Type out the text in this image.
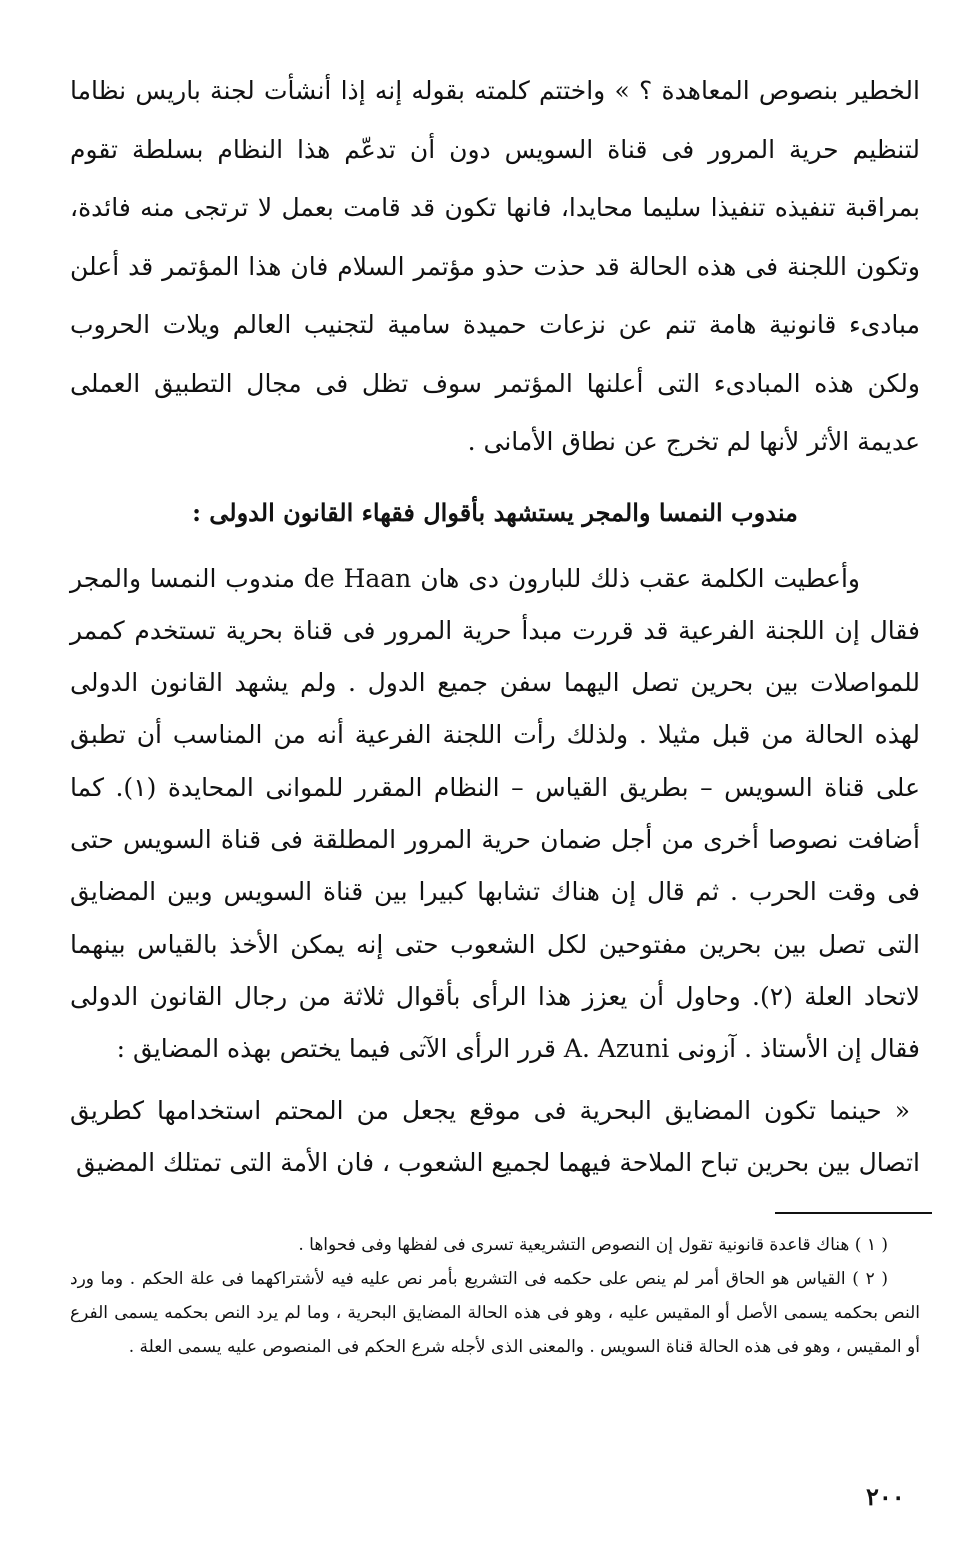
الخطير بنصوص المعاهدة ؟ » واختتم كلمته بقوله إنه إذا أنشأت لجنة باريس نظاما لتنظيم حرية المرور فى قناة السويس دون أن تدعّم هذا النظام بسلطة تقوم بمراقبة تنفيذه تنفيذا سليما محايدا، فانها تكون قد قامت بعمل لا ترتجى منه فائدة، وتكون اللجنة فى هذه الحالة قد حذت حذو مؤتمر السلام فان هذا المؤتمر قد أعلن مبادىء قانونية هامة تنم عن نزعات حميدة سامية لتجنيب العالم ويلات الحروب ولكن هذه المبادىء التى أعلنها المؤتمر سوف تظل فى مجال التطبيق العملى عديمة الأثر لأنها لم تخرج عن نطاق الأمانى .

مندوب النمسا والمجر يستشهد بأقوال فقهاء القانون الدولى :

وأعطيت الكلمة عقب ذلك للبارون دى هان de Haan مندوب النمسا والمجر فقال إن اللجنة الفرعية قد قررت مبدأ حرية المرور فى قناة بحرية تستخدم كممر للمواصلات بين بحرين تصل اليهما سفن جميع الدول . ولم يشهد القانون الدولى لهذه الحالة من قبل مثيلا . ولذلك رأت اللجنة الفرعية أنه من المناسب أن تطبق على قناة السويس – بطريق القياس – النظام المقرر للموانى المحايدة (١). كما أضافت نصوصا أخرى من أجل ضمان حرية المرور المطلقة فى قناة السويس حتى فى وقت الحرب . ثم قال إن هناك تشابها كبيرا بين قناة السويس وبين المضايق التى تصل بين بحرين مفتوحين لكل الشعوب حتى إنه يمكن الأخذ بالقياس بينهما لاتحاد العلة (٢). وحاول أن يعزز هذا الرأى بأقوال ثلاثة من رجال القانون الدولى فقال إن الأستاذ . آزونى A. Azuni قرر الرأى الآتى فيما يختص بهذه المضايق :

« حينما تكون المضايق البحرية فى موقع يجعل من المحتم استخدامها كطريق اتصال بين بحرين تباح الملاحة فيهما لجميع الشعوب ، فان الأمة التى تمتلك المضيق

( ١ ) هناك قاعدة قانونية تقول إن النصوص التشريعية تسرى فى لفظها وفى فحواها .
( ٢ ) القياس هو الحاق أمر لم ينص على حكمه فى التشريع بأمر نص عليه فيه لأشتراكهما فى علة الحكم . وما ورد النص بحكمه يسمى الأصل أو المقيس عليه ، وهو فى هذه الحالة المضايق البحرية ، وما لم يرد النص بحكمه يسمى الفرع أو المقيس ، وهو فى هذه الحالة قناة السويس . والمعنى الذى لأجله شرع الحكم فى المنصوص عليه يسمى العلة .
٢٠٠
